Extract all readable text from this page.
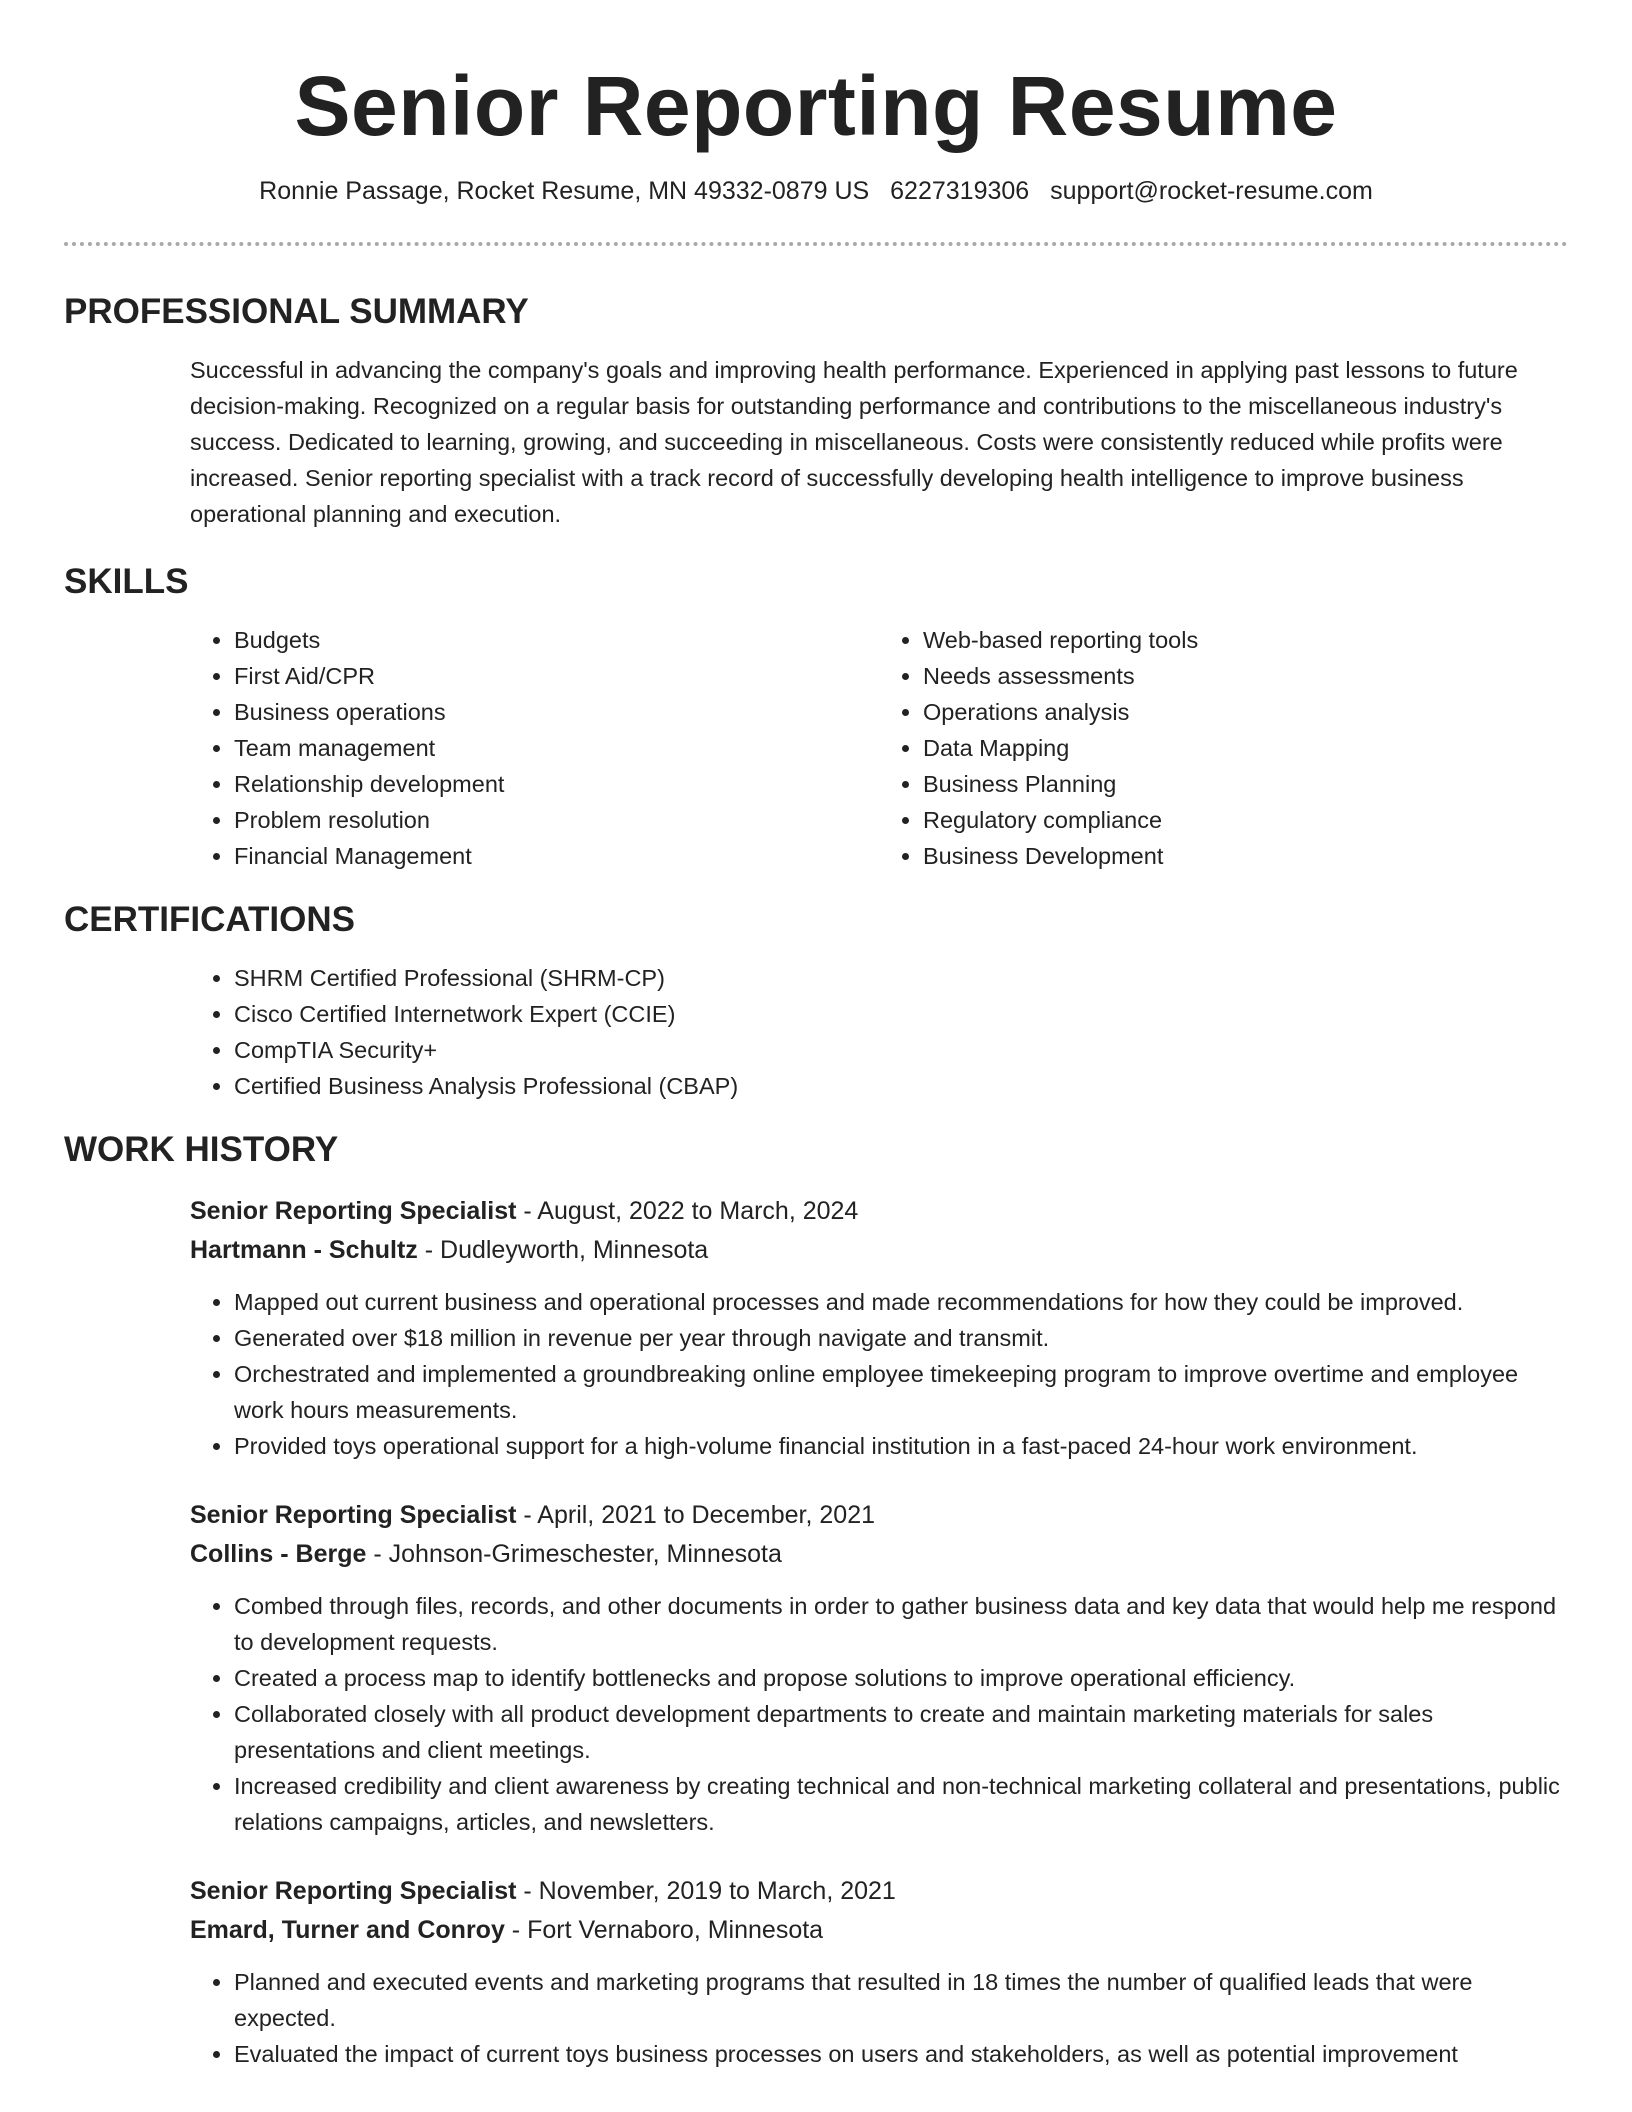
Senior Reporting Resume
Ronnie Passage, Rocket Resume, MN 49332-0879 US 6227319306 support@rocket-resume.com
PROFESSIONAL SUMMARY

Successful in advancing the company's goals and improving health performance. Experienced in applying past lessons to future decision-making. Recognized on a regular basis for outstanding performance and contributions to the miscellaneous industry's success. Dedicated to learning, growing, and succeeding in miscellaneous. Costs were consistently reduced while profits were increased. Senior reporting specialist with a track record of successfully developing health intelligence to improve business operational planning and execution.

SKILLS
• Budgets
• First Aid/CPR
• Business operations
• Team management
• Relationship development
• Problem resolution
• Financial Management
• Web-based reporting tools
• Needs assessments
• Operations analysis
• Data Mapping
• Business Planning
• Regulatory compliance
• Business Development
CERTIFICATIONS
• SHRM Certified Professional (SHRM-CP)
• Cisco Certified Internetwork Expert (CCIE)
• CompTIA Security+
• Certified Business Analysis Professional (CBAP)
WORK HISTORY
Senior Reporting Specialist - August, 2022 to March, 2024
Hartmann - Schultz - Dudleyworth, Minnesota
• Mapped out current business and operational processes and made recommendations for how they could be improved.
• Generated over $18 million in revenue per year through navigate and transmit.
• Orchestrated and implemented a groundbreaking online employee timekeeping program to improve overtime and employee work hours measurements.
• Provided toys operational support for a high-volume financial institution in a fast-paced 24-hour work environment.
Senior Reporting Specialist - April, 2021 to December, 2021
Collins - Berge - Johnson-Grimeschester, Minnesota
• Combed through files, records, and other documents in order to gather business data and key data that would help me respond to development requests.
• Created a process map to identify bottlenecks and propose solutions to improve operational efficiency.
• Collaborated closely with all product development departments to create and maintain marketing materials for sales presentations and client meetings.
• Increased credibility and client awareness by creating technical and non-technical marketing collateral and presentations, public relations campaigns, articles, and newsletters.
Senior Reporting Specialist - November, 2019 to March, 2021
Emard, Turner and Conroy - Fort Vernaboro, Minnesota
• Planned and executed events and marketing programs that resulted in 18 times the number of qualified leads that were expected.
• Evaluated the impact of current toys business processes on users and stakeholders, as well as potential improvement
